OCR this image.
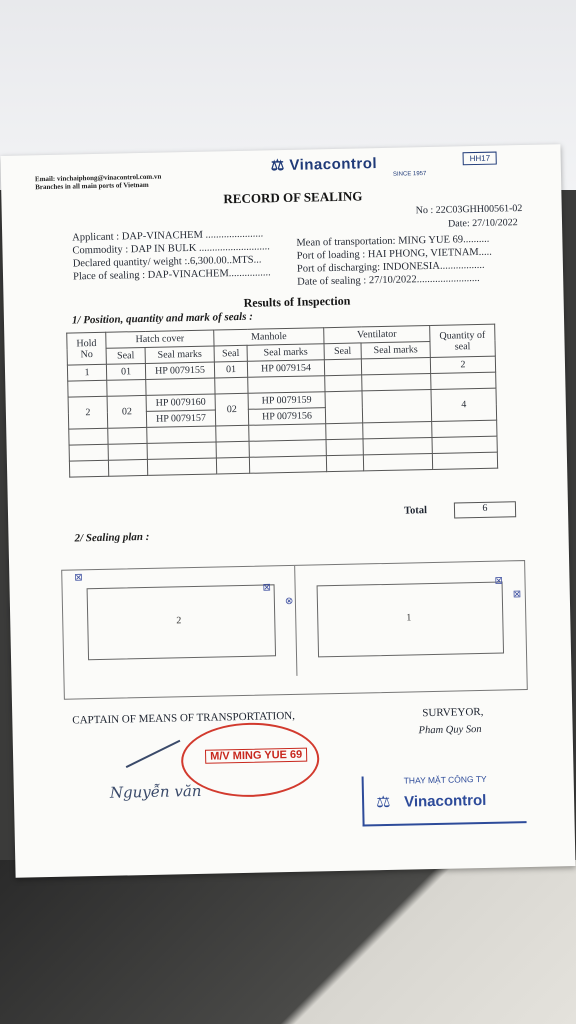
Email: vinchaiphong@vinacontrol.com.vn
Branches in all main ports of Vietnam
⚖ Vinacontrol
SINCE 1957
HH17
RECORD OF SEALING
No : 22C03GHH00561-02
Date: 27/10/2022
Applicant : DAP-VINACHEM ......................
Commodity : DAP IN BULK ...........................
Declared quantity/ weight :.6,300.00..MTS...
Place of sealing : DAP-VINACHEM................
Mean of transportation: MING YUE 69..........
Port of loading : HAI PHONG, VIETNAM.....
Port of discharging: INDONESIA.................
Date of sealing : 27/10/2022........................
Results of Inspection
1/ Position, quantity and mark of seals :
Hold No	Hatch cover		Manhole		Ventilator		Quantity of seal
	Seal	Seal marks	Seal	Seal marks	Seal	Seal marks	
1	01	HP 0079155	01	HP 0079154			2

2	02	HP 0079160	02	HP 0079159			4
		HP 0079157		HP 0079156			

Total	6
2/ Sealing plan :
2	1
⊠
⊠
⊗
⊠
⊠
CAPTAIN OF MEANS OF TRANSPORTATION,	SURVEYOR,
Pham Quy Son
M/V MING YUE 69
Nguyễn văn
THAY MẶT CÔNG TY
⚖ Vinacontrol
